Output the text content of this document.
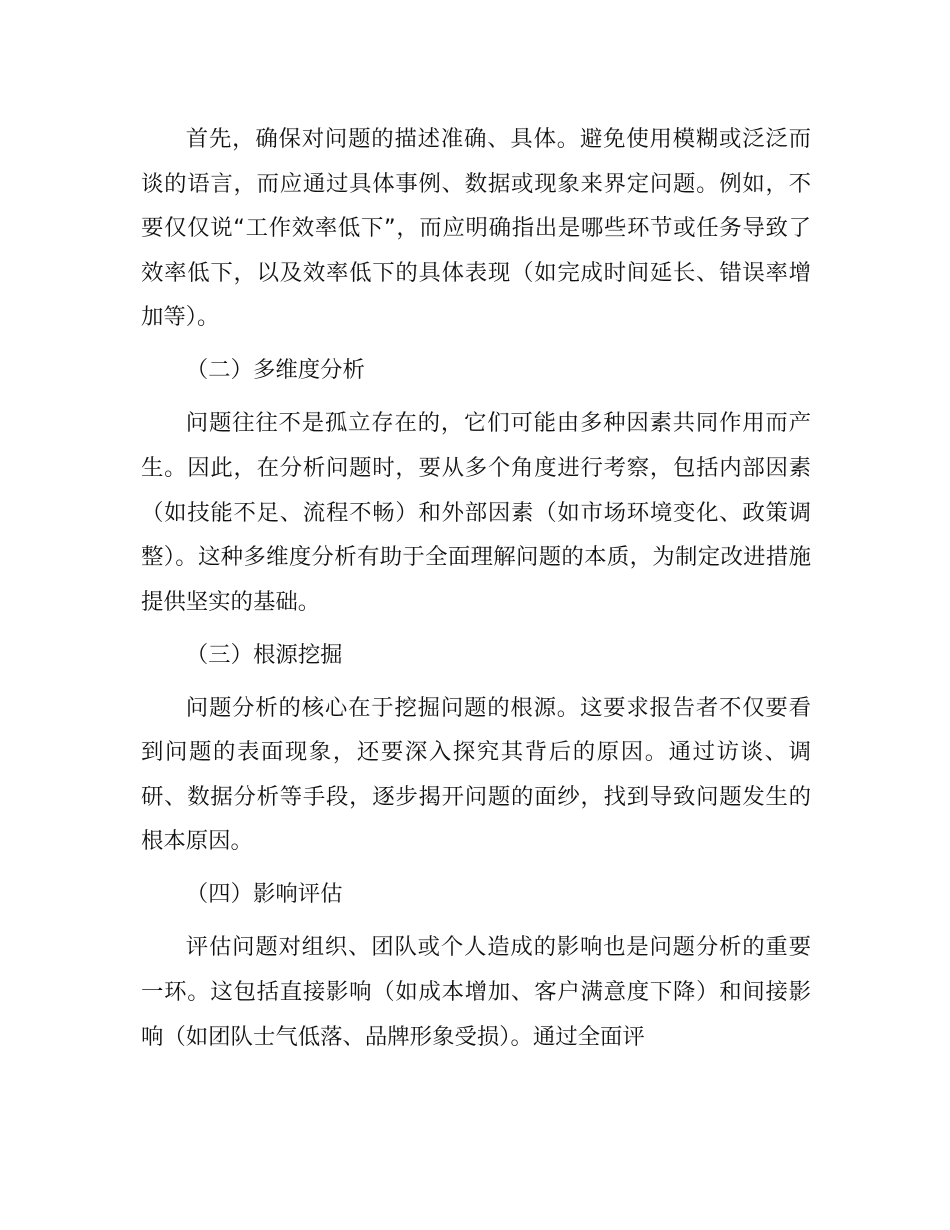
首先，确保对问题的描述准确、具体。避免使用模糊或泛泛而谈的语言，而应通过具体事例、数据或现象来界定问题。例如，不要仅仅说“工作效率低下”，而应明确指出是哪些环节或任务导致了效率低下，以及效率低下的具体表现（如完成时间延长、错误率增加等）。

（二）多维度分析

问题往往不是孤立存在的，它们可能由多种因素共同作用而产生。因此，在分析问题时，要从多个角度进行考察，包括内部因素（如技能不足、流程不畅）和外部因素（如市场环境变化、政策调整）。这种多维度分析有助于全面理解问题的本质，为制定改进措施提供坚实的基础。

（三）根源挖掘

问题分析的核心在于挖掘问题的根源。这要求报告者不仅要看到问题的表面现象，还要深入探究其背后的原因。通过访谈、调研、数据分析等手段，逐步揭开问题的面纱，找到导致问题发生的根本原因。

（四）影响评估

评估问题对组织、团队或个人造成的影响也是问题分析的重要一环。这包括直接影响（如成本增加、客户满意度下降）和间接影响（如团队士气低落、品牌形象受损）。通过全面评
